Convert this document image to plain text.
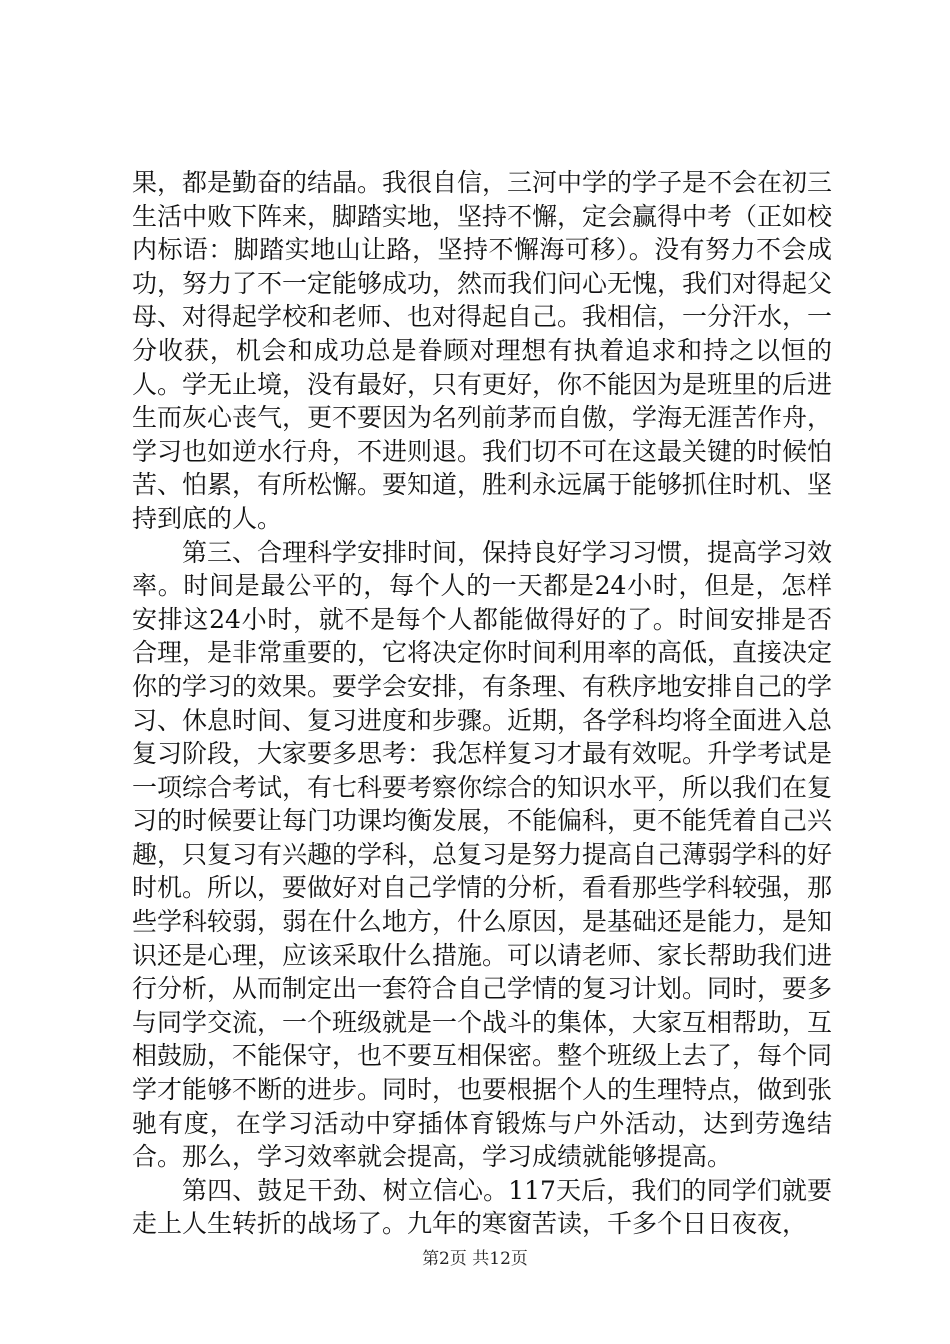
果，都是勤奋的结晶。我很自信，三河中学的学子是不会在初三生活中败下阵来，脚踏实地，坚持不懈，定会赢得中考（正如校内标语：脚踏实地山让路，坚持不懈海可移）。没有努力不会成功，努力了不一定能够成功，然而我们问心无愧，我们对得起父母、对得起学校和老师、也对得起自己。我相信，一分汗水，一分收获，机会和成功总是眷顾对理想有执着追求和持之以恒的人。学无止境，没有最好，只有更好，你不能因为是班里的后进生而灰心丧气，更不要因为名列前茅而自傲，学海无涯苦作舟，学习也如逆水行舟，不进则退。我们切不可在这最关键的时候怕苦、怕累，有所松懈。要知道，胜利永远属于能够抓住时机、坚持到底的人。

第三、合理科学安排时间，保持良好学习习惯，提高学习效率。时间是最公平的，每个人的一天都是24小时，但是，怎样安排这24小时，就不是每个人都能做得好的了。时间安排是否合理，是非常重要的，它将决定你时间利用率的高低，直接决定你的学习的效果。要学会安排，有条理、有秩序地安排自己的学习、休息时间、复习进度和步骤。近期，各学科均将全面进入总复习阶段，大家要多思考：我怎样复习才最有效呢。升学考试是一项综合考试，有七科要考察你综合的知识水平，所以我们在复习的时候要让每门功课均衡发展，不能偏科，更不能凭着自己兴趣，只复习有兴趣的学科，总复习是努力提高自己薄弱学科的好时机。所以，要做好对自己学情的分析，看看那些学科较强，那些学科较弱，弱在什么地方，什么原因，是基础还是能力，是知识还是心理，应该采取什么措施。可以请老师、家长帮助我们进行分析，从而制定出一套符合自己学情的复习计划。同时，要多与同学交流，一个班级就是一个战斗的集体，大家互相帮助，互相鼓励，不能保守，也不要互相保密。整个班级上去了，每个同学才能够不断的进步。同时，也要根据个人的生理特点，做到张驰有度，在学习活动中穿插体育锻炼与户外活动，达到劳逸结合。那么，学习效率就会提高，学习成绩就能够提高。

第四、鼓足干劲、树立信心。117天后，我们的同学们就要走上人生转折的战场了。九年的寒窗苦读，千多个日日夜夜，

第2页 共12页
